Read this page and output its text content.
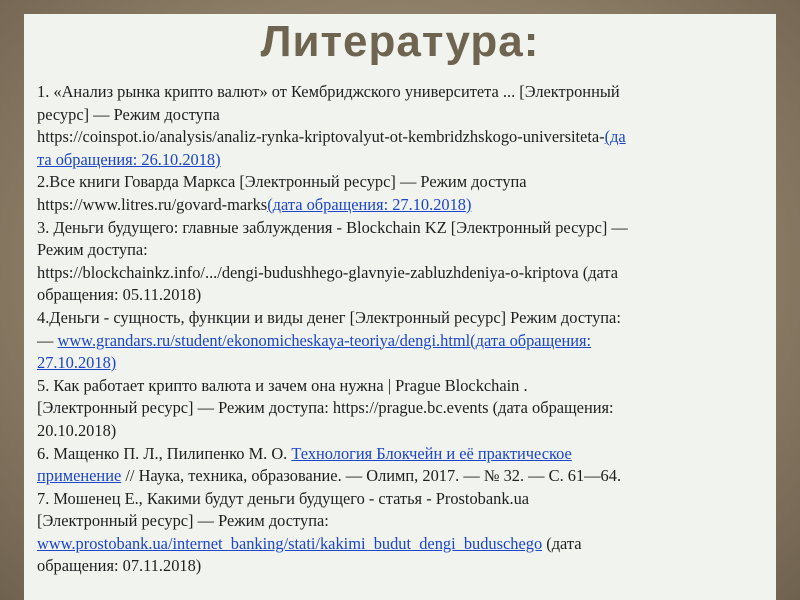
Литература:
1. «Анализ рынка крипто валют» от Кембриджского университета ... [Электронный
ресурс] — Режим доступа
https://coinspot.io/analysis/analiz-rynka-kriptovalyut-ot-kembridzhskogo-universiteta-(да
та обращения: 26.10.2018)
2.Все книги Говарда Маркса [Электронный ресурс] — Режим доступа
https://www.litres.ru/govard-marks(дата обращения: 27.10.2018)
3. Деньги будущего: главные заблуждения - Blockchain KZ [Электронный ресурс] —
Режим доступа:
https://blockchainkz.info/.../dengi-budushhego-glavnyie-zabluzhdeniya-o-kriptova (дата
обращения: 05.11.2018)
4.Деньги - сущность, функции и виды денег [Электронный ресурс] Режим доступа:
— www.grandars.ru/student/ekonomicheskaya-teoriya/dengi.html(дата обращения:
27.10.2018)
5. Как работает крипто валюта и зачем она нужна | Prague Blockchain .
[Электронный ресурс] — Режим доступа: https://prague.bc.events (дата обращения:
20.10.2018)
6. Мащенко П. Л., Пилипенко М. О. Технология Блокчейн и её практическое
применение // Наука, техника, образование. — Олимп, 2017. — № 32. — С. 61—64.
7. Мошенец Е., Какими будут деньги будущего - статья - Prostobank.ua
[Электронный ресурс] — Режим доступа:
www.prostobank.ua/internet_banking/stati/kakimi_budut_dengi_buduschego (дата
обращения: 07.11.2018)
